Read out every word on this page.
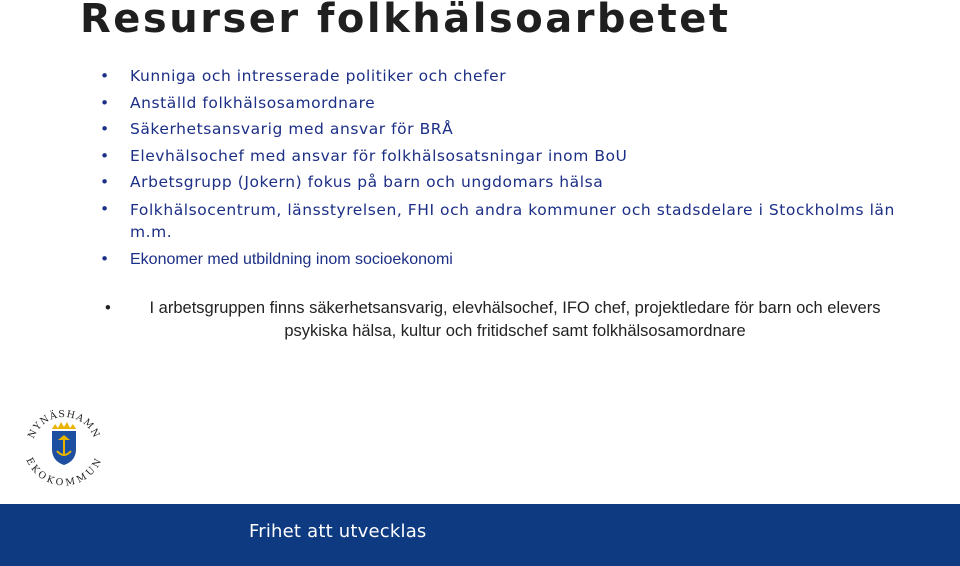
Resurser folkhälsoarbetet
• Kunniga och intresserade politiker och chefer
• Anställd folkhälsosamordnare
• Säkerhetsansvarig med ansvar för BRÅ
• Elevhälsochef med ansvar för folkhälsosatsningar inom BoU
• Arbetsgrupp (Jokern) fokus på barn och ungdomars hälsa
• Folkhälsocentrum, länsstyrelsen, FHI och andra kommuner och stadsdelare i Stockholms län m.m.
• Ekonomer med utbildning inom socioekonomi
•	I arbetsgruppen finns säkerhetsansvarig, elevhälsochef, IFO chef, projektledare för barn och elevers psykiska hälsa, kultur och fritidschef samt folkhälsosamordnare
NYNÄSHAMN
EKOKOMMUN
Frihet att utvecklas
